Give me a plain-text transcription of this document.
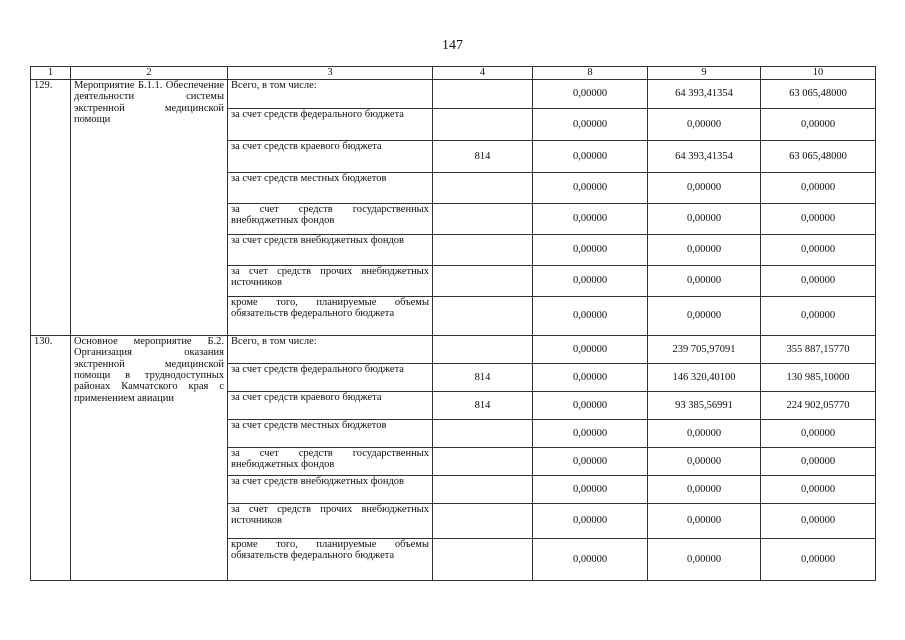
147
1	2	3	4	8	9	10
129.	Мероприятие Б.1.1. Обеспечение деятельности системы экстренной медицинской помощи	Всего, в том числе:		0,00000	64 393,41354	63 065,48000
		за счет средств федерального бюджета		0,00000	0,00000	0,00000
		за счет средств краевого бюджета	814	0,00000	64 393,41354	63 065,48000
		за счет средств местных бюджетов		0,00000	0,00000	0,00000
		за счет средств государственных внебюджетных фондов		0,00000	0,00000	0,00000
		за счет средств внебюджетных фондов		0,00000	0,00000	0,00000
		за счет средств прочих внебюджетных источников		0,00000	0,00000	0,00000
		кроме того, планируемые объемы обязательств федерального бюджета		0,00000	0,00000	0,00000
130.	Основное мероприятие Б.2. Организация оказания экстренной медицинской помощи в труднодоступных районах Камчатского края с применением авиации	Всего, в том числе:		0,00000	239 705,97091	355 887,15770
		за счет средств федерального бюджета	814	0,00000	146 320,40100	130 985,10000
		за счет средств краевого бюджета	814	0,00000	93 385,56991	224 902,05770
		за счет средств местных бюджетов		0,00000	0,00000	0,00000
		за счет средств государственных внебюджетных фондов		0,00000	0,00000	0,00000
		за счет средств внебюджетных фондов		0,00000	0,00000	0,00000
		за счет средств прочих внебюджетных источников		0,00000	0,00000	0,00000
		кроме того, планируемые объемы обязательств федерального бюджета		0,00000	0,00000	0,00000
